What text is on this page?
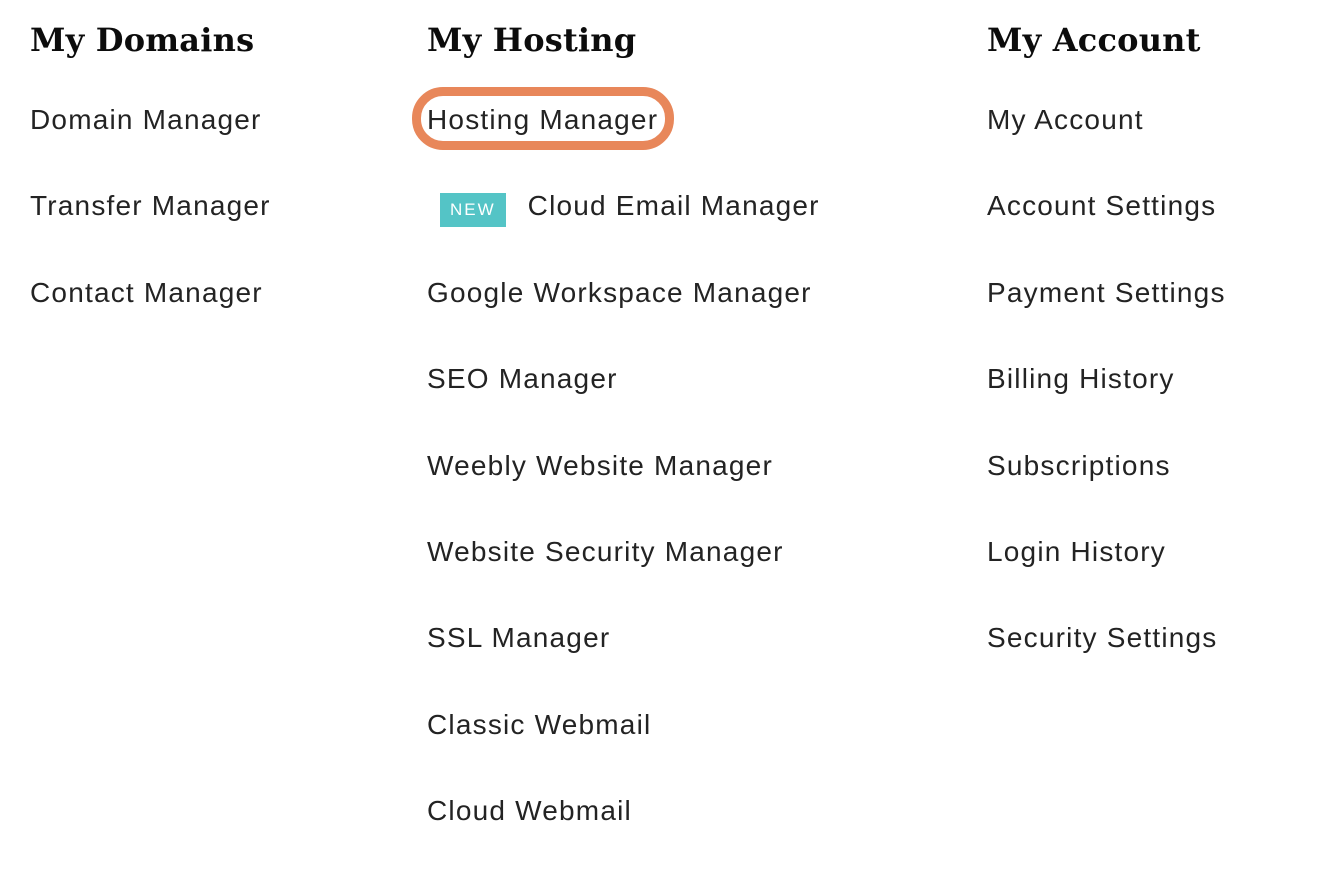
My Domains
Domain Manager
Transfer Manager
Contact Manager
My Hosting
Hosting Manager
NEW Cloud Email Manager
Google Workspace Manager
SEO Manager
Weebly Website Manager
Website Security Manager
SSL Manager
Classic Webmail
Cloud Webmail
My Account
My Account
Account Settings
Payment Settings
Billing History
Subscriptions
Login History
Security Settings
